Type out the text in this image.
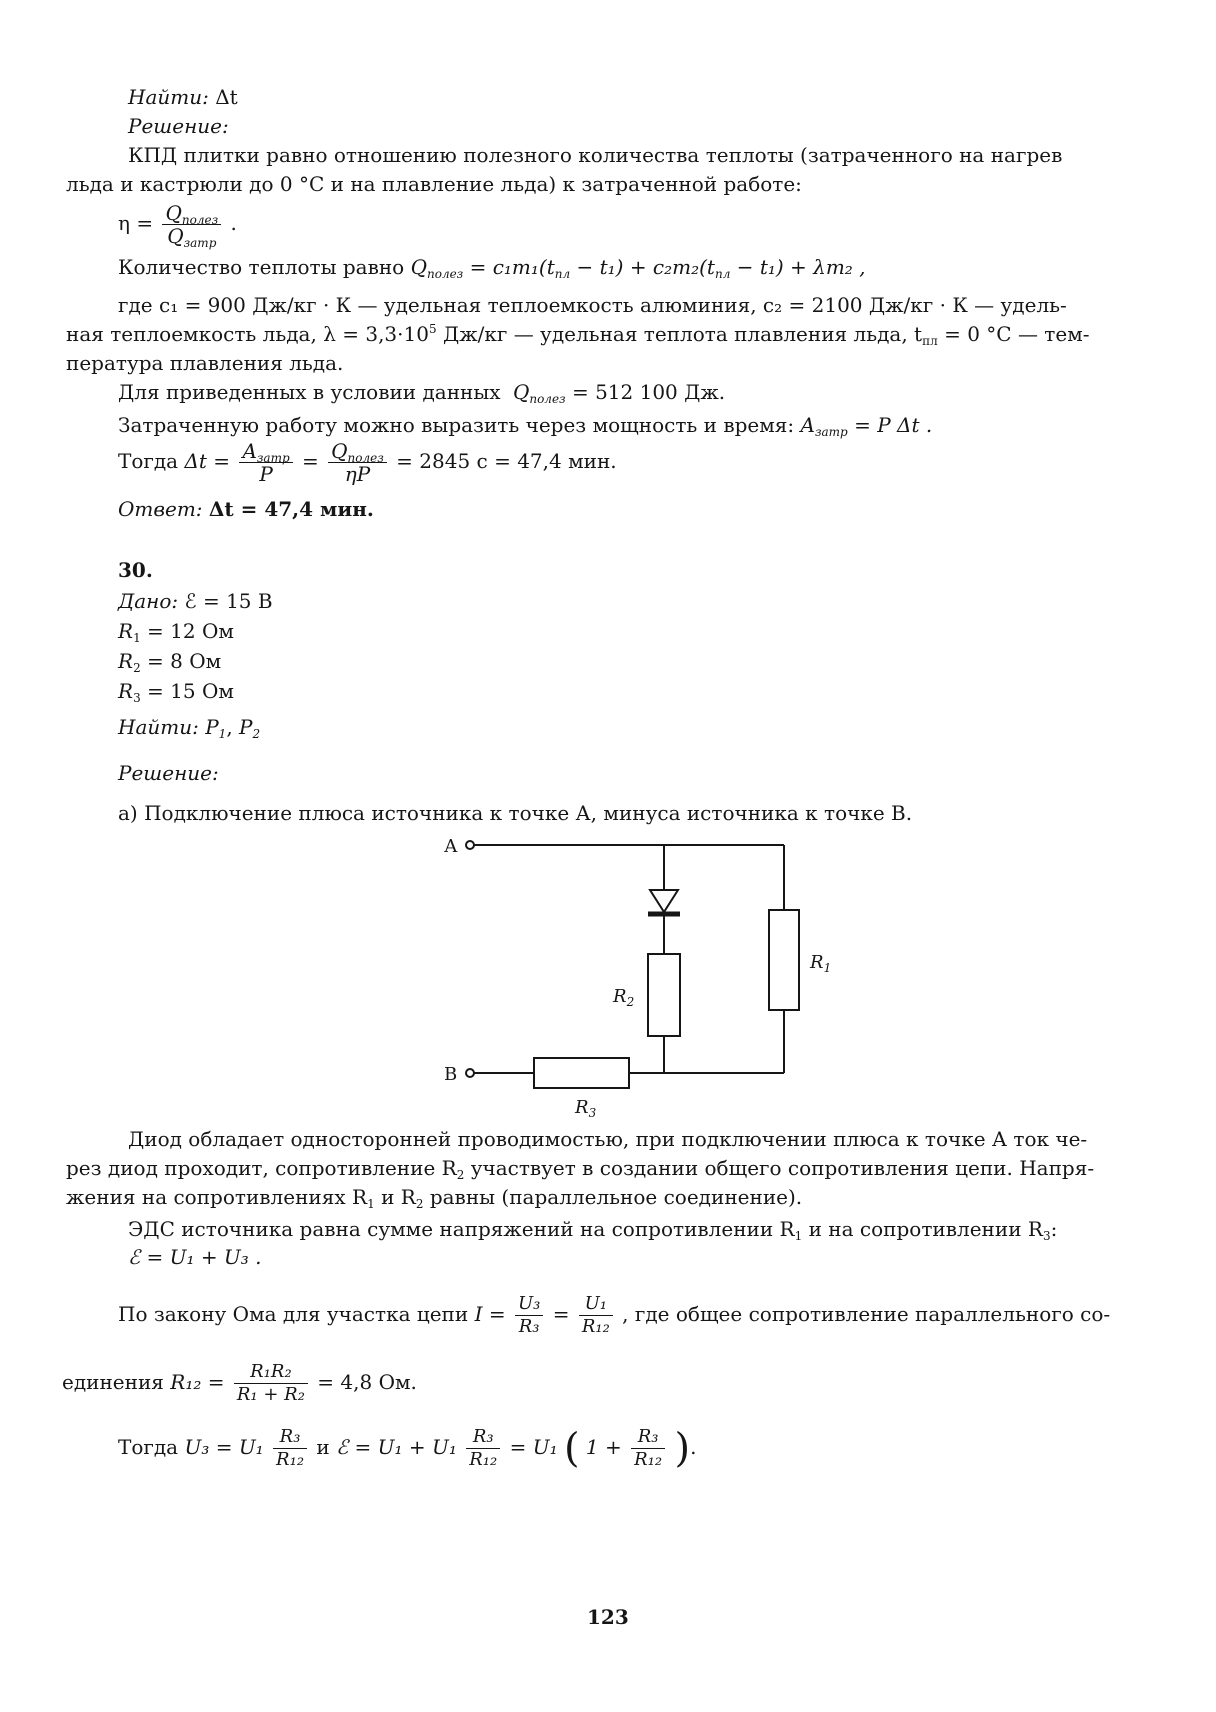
Найти: Δt
Решение:
КПД плитки равно отношению полезного количества теплоты (затраченного на нагрев
льда и кастрюли до 0 °С и на плавление льда) к затраченной работе:
$\eta = \frac{Q_{полез}}{Q_{затр}}$ .
Количество теплоты равно $Q_{полез} = c_1m_1(t_{пл} - t_1) + c_2m_2(t_{пл} - t_1) + \lambda m_2$ ,
где c₁ = 900 Дж/кг · К — удельная теплоемкость алюминия, c₂ = 2100 Дж/кг · К — удель-
ная теплоемкость льда, $\lambda = 3,3\cdot 10^5$ Дж/кг — удельная теплота плавления льда, $t_{пл} = 0$ °С — тем-
пература плавления льда.
Для приведенных в условии данных $Q_{полез} = 512$ 100 Дж.
Затраченную работу можно выразить через мощность и время: $A_{затр} = P$ Δt .
Тогда $\Delta t = \frac{A_{затр}}{P} = \frac{Q_{полез}}{\eta P} = 2845$ с = 47,4 мин.
Ответ: Δt = 47,4 мин.
30.
Дано: ℰ = 15 В
$R_1 = 12$ Ом
$R_2 = 8$ Ом
$R_3 = 15$ Ом
Найти: $P_1$, $P_2$
Решение:
а) Подключение плюса источника к точке А, минуса источника к точке В.
А
В
$R_1$
$R_2$
$R_3$
Диод обладает односторонней проводимостью, при подключении плюса к точке А ток че-
рез диод проходит, сопротивление $R_2$ участвует в создании общего сопротивления цепи. Напря-
жения на сопротивлениях $R_1$ и $R_2$ равны (параллельное соединение).
ЭДС источника равна сумме напряжений на сопротивлении $R_1$ и на сопротивлении $R_3$:
ℰ = U₁ + U₃ .
По закону Ома для участка цепи $I = \frac{\text{U₃}}{\text{R₃}} = \frac{\text{U₁}}{\text{R₁₂}}$ , где общее сопротивление параллельного со-
единения $R_{12} = \frac{\text{R₁R₂}}{\text{R₁ + R₂}} = 4,8$ Ом.
Тогда $U_3 = U_1 \frac{\text{R₃}}{\text{R₁₂}}$ и ℰ = $U_1 + U_1 \frac{\text{R₃}}{\text{R₁₂}} = U_1$ ( $1 + \frac{\text{R₃}}{\text{R₁₂}}$ ).
123
